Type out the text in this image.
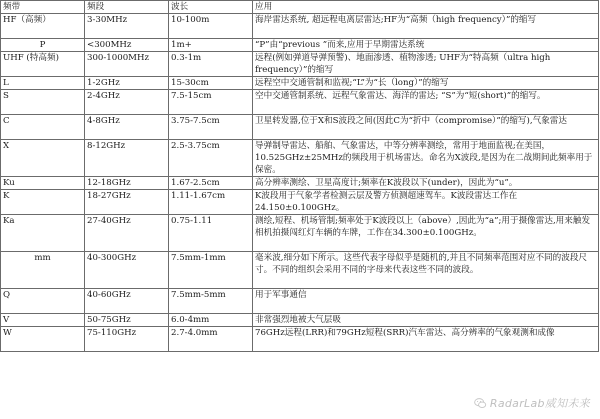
频带	频段	波长	应用
HF（高频）	3-30MHz	10-100m	海岸雷达系统, 超远程电离层雷达;HF为“高频（high frequency）”的缩写
P	<300MHz	1m+	“P”由“previous ”而来,应用于早期雷达系统
UHF (特高频)	300-1000MHz	0.3-1m	远程(例如弹道导弹预警)、地面渗透、植物渗透; UHF为“特高频（ultra high frequency）”的缩写
L	1-2GHz	15-30cm	远程空中交通管制和监视;“L”为“长（long）”的缩写
S	2-4GHz	7.5-15cm	空中交通管制系统、远程气象雷达、海洋的雷达; “S”为“短(short)”的缩写。
C	4-8GHz	3.75-7.5cm	卫星转发器,位于X和S波段之间(因此C为“折中（compromise）”的缩写),气象雷达
X	8-12GHz	2.5-3.75cm	导弹制导雷达、船舶、气象雷达，中等分辨率测绘，常用于地面监视;在美国，10.525GHz±25MHz的频段用于机场雷达。命名为X波段,是因为在二战期间此频率用于保密。
Ku	12-18GHz	1.67-2.5cm	高分辨率测绘、卫星高度计;频率在K波段以下(under)，因此为“u”。
K	18-27GHz	1.11-1.67cm	K波段用于气象学者检测云层及警方侦测超速驾车。K波段雷达工作在24.150±0.100GHz。
Ka	27-40GHz	0.75-1.11	测绘,短程、机场管制;频率处于K波段以上（above）,因此为“a”;用于摄像雷达,用来触发相机拍摄闯红灯车辆的车牌，工作在34.300±0.100GHz。
mm	40-300GHz	7.5mm-1mm	毫米波,细分如下所示。这些代表字母似乎是随机的,并且不同频率范围对应不同的波段尺寸。不同的组织会采用不同的字母来代表这些不同的波段。
Q	40-60GHz	7.5mm-5mm	用于军事通信
V	50-75GHz	6.0-4mm	非常强烈地被大气层吸
W	75-110GHz	2.7-4.0mm	76GHz远程(LRR)和79GHz短程(SRR)汽车雷达、高分辨率的气象观测和成像
RadarLab威知未来
